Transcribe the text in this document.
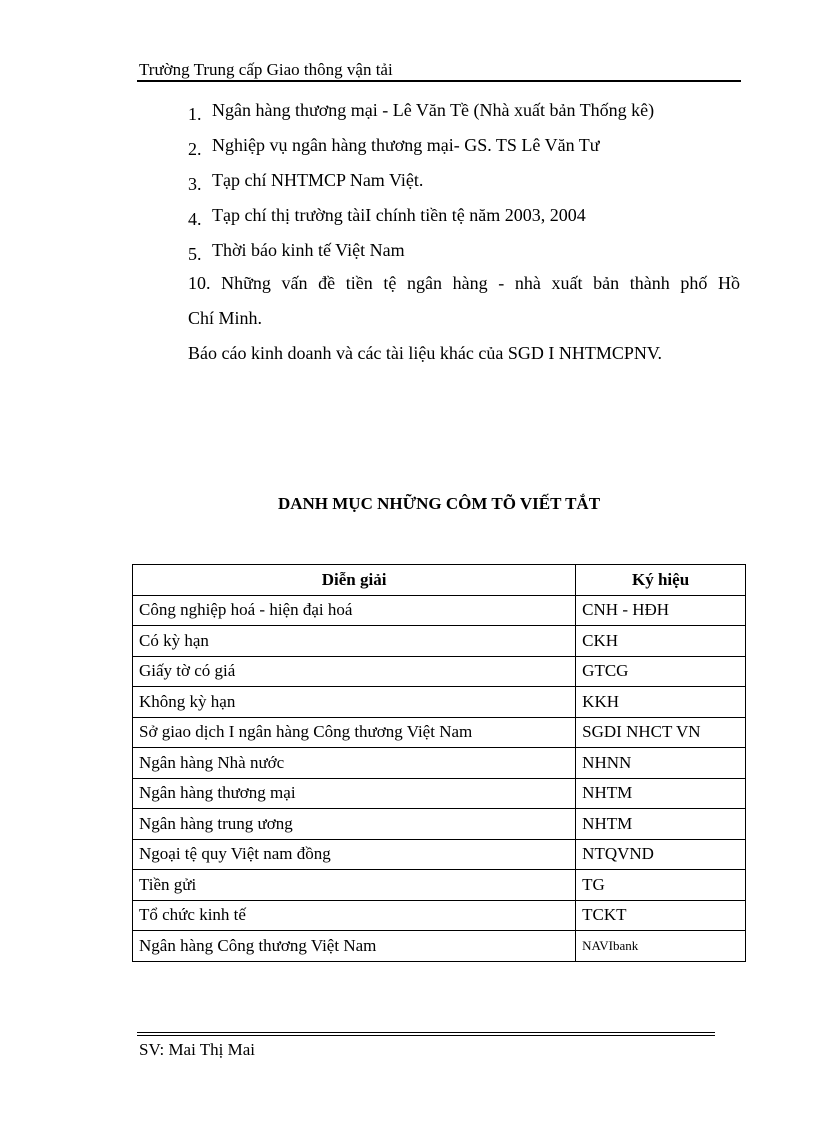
Trường Trung cấp Giao thông vận tải
1. Ngân hàng thương mại - Lê Văn Tề (Nhà xuất bản Thống kê)
2. Nghiệp vụ ngân hàng thương mại- GS. TS Lê Văn Tư
3. Tạp chí NHTMCP Nam Việt.
4. Tạp chí thị trường tàiI chính tiền tệ năm 2003, 2004
5. Thời báo kinh tế Việt Nam
10. Những vấn đề tiền tệ ngân hàng - nhà xuất bản thành phố Hồ
Chí Minh.
Báo cáo kinh doanh và các tài liệu khác của SGD I NHTMCPNV.
DANH MỤC NHỮNG CÔM TÕ VIẾT TẮT
Diễn giải	Ký hiệu
Công nghiệp hoá - hiện đại hoá	CNH - HĐH
Có kỳ hạn	CKH
Giấy tờ có giá	GTCG
Không kỳ hạn	KKH
Sở giao dịch I ngân hàng Công thương Việt Nam	SGDI NHCT VN
Ngân hàng Nhà nước	NHNN
Ngân hàng thương mại	NHTM
Ngân hàng trung ương	NHTM
Ngoại tệ quy Việt nam đồng	NTQVND
Tiền gửi	TG
Tổ chức kinh tế	TCKT
Ngân hàng Công thương Việt Nam	NAVIbank
SV: Mai Thị Mai
